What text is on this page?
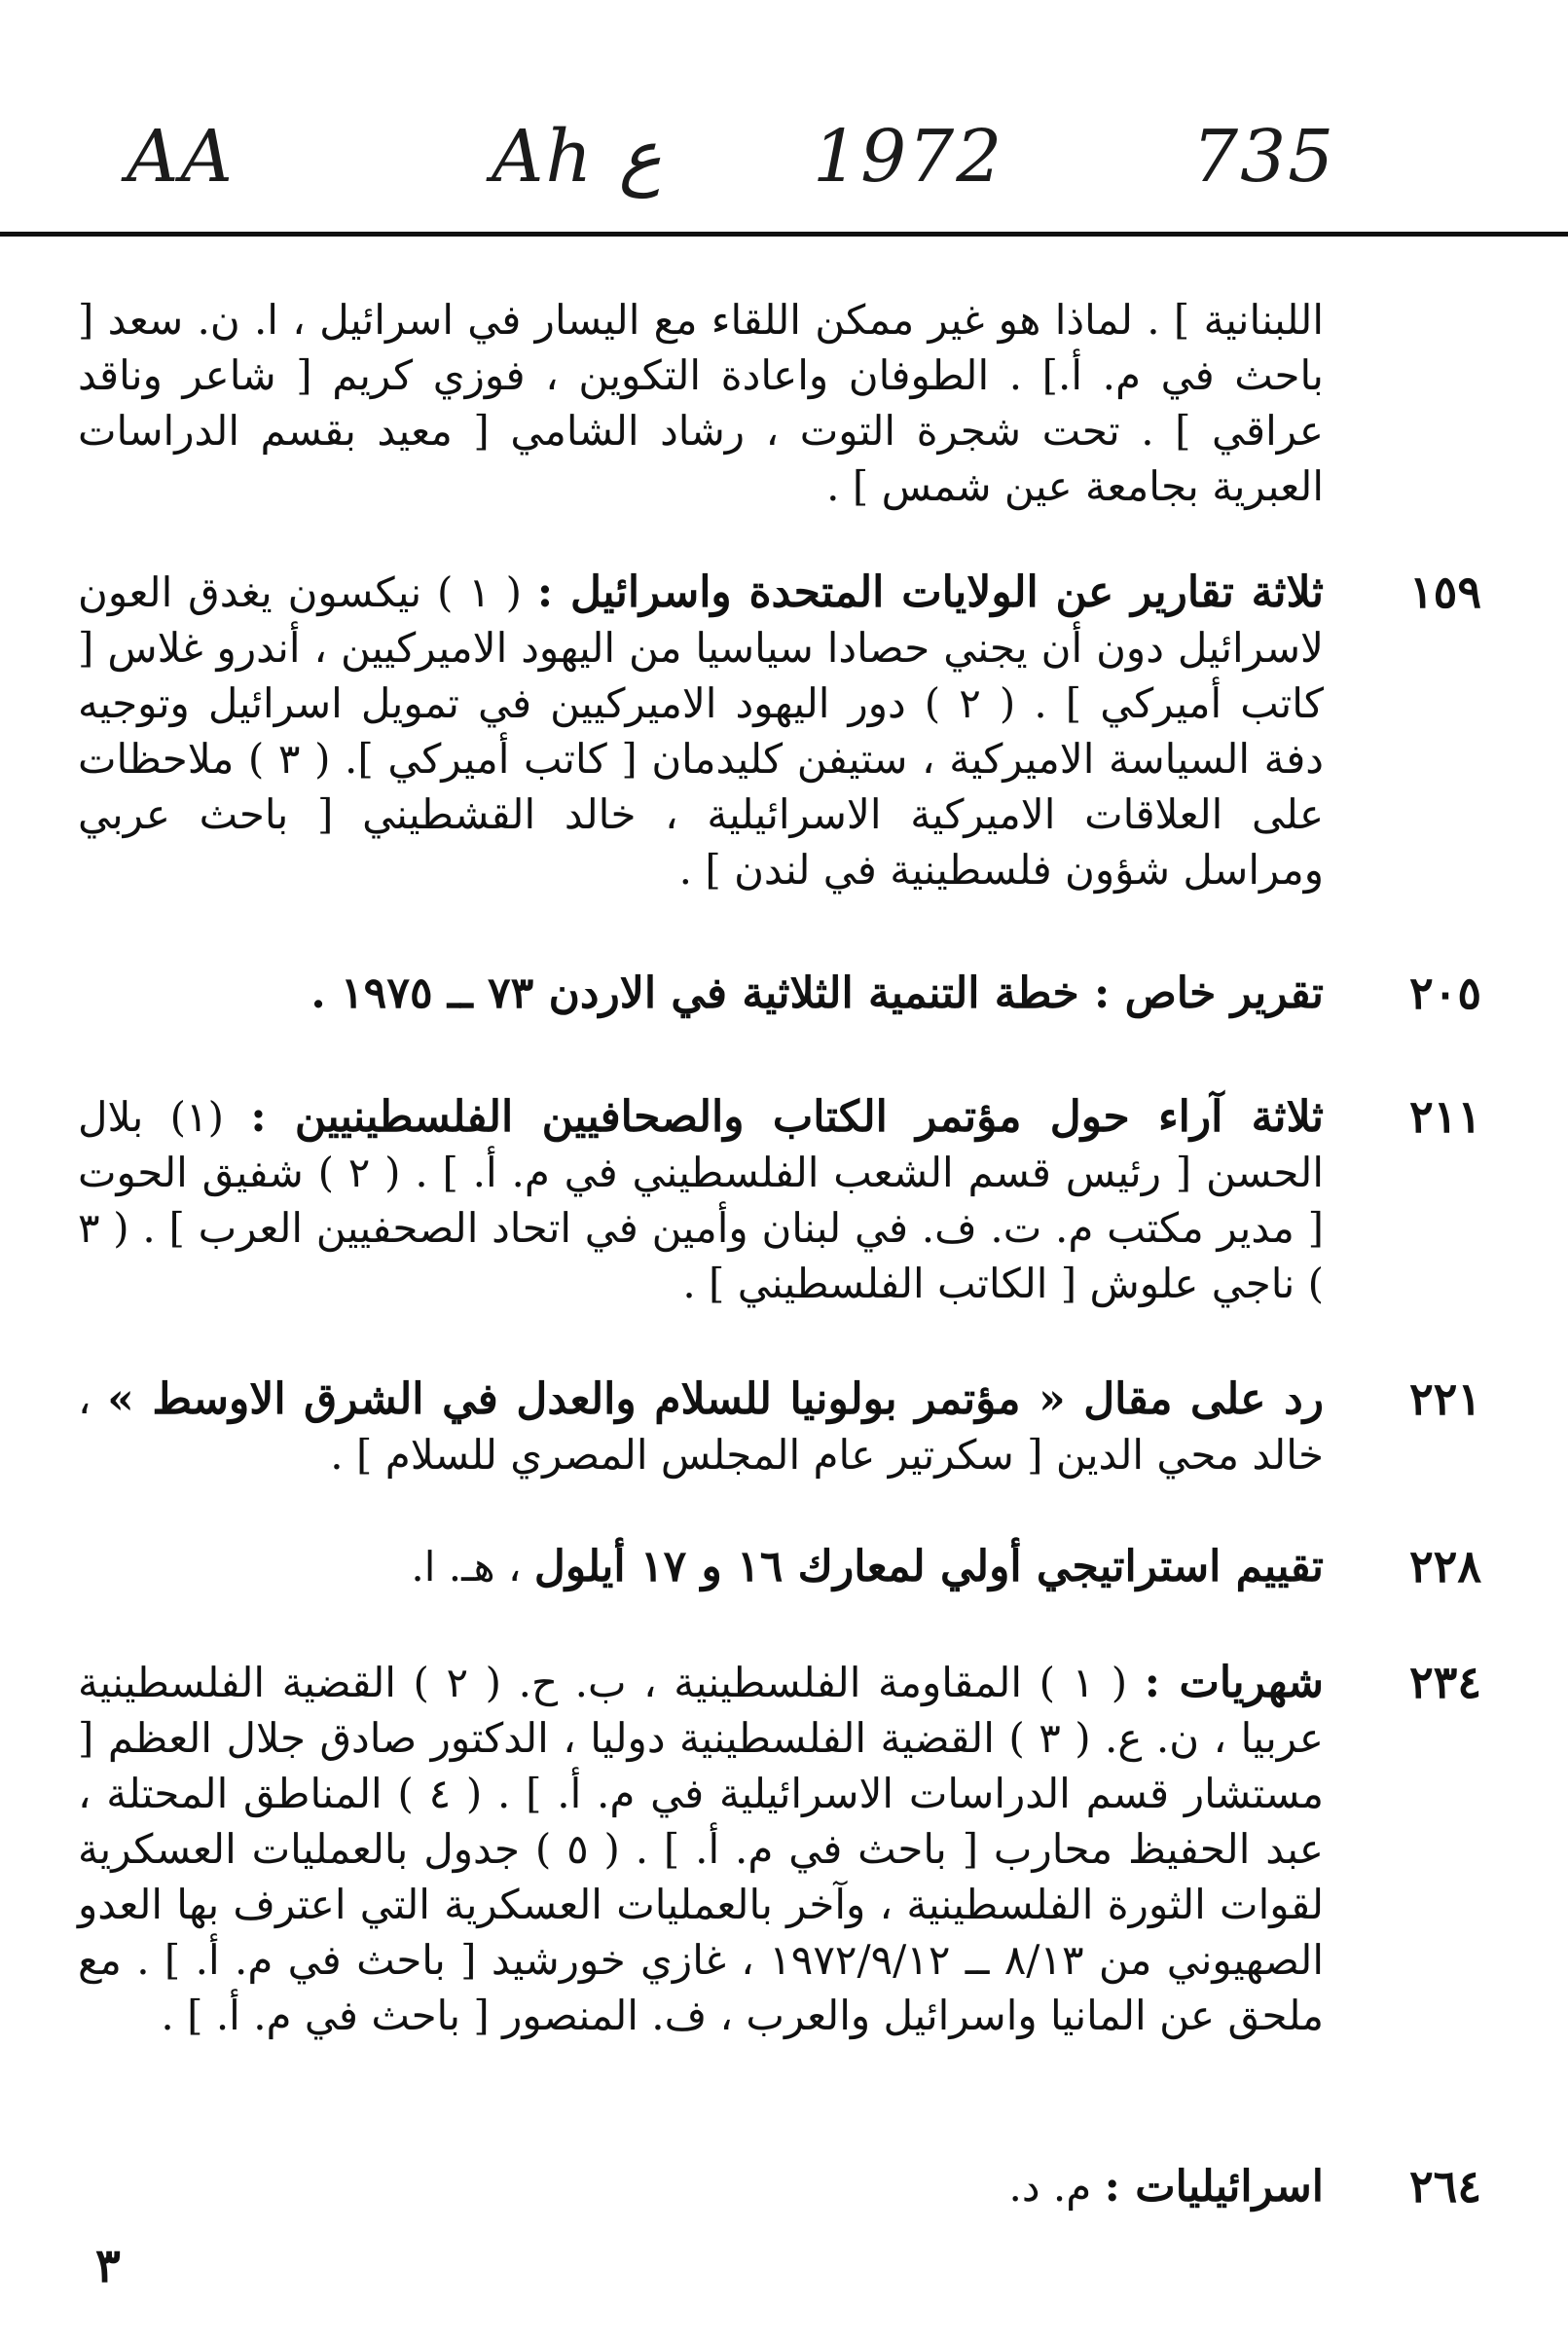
AA	Ah ع 1972	735
اللبنانية ] . لماذا هو غير ممكن اللقاء مع اليسار في اسرائيل ، ا. ن. سعد [ باحث في م. أ.] . الطوفان واعادة التكوين ، فوزي كريم [ شاعر وناقد عراقي ] . تحت شجرة التوت ، رشاد الشامي [ معيد بقسم الدراسات العبرية بجامعة عين شمس ] .
١٥٩
ثلاثة تقارير عن الولايات المتحدة واسرائيل : ( ١ ) نيكسون يغدق العون لاسرائيل دون أن يجني حصادا سياسيا من اليهود الاميركيين ، أندرو غلاس [ كاتب أميركي ] . ( ٢ ) دور اليهود الاميركيين في تمويل اسرائيل وتوجيه دفة السياسة الاميركية ، ستيفن كليدمان [ كاتب أميركي ]. ( ٣ ) ملاحظات على العلاقات الاميركية الاسرائيلية ، خالد القشطيني [ باحث عربي ومراسل شؤون فلسطينية في لندن ] .
٢٠٥
تقرير خاص : خطة التنمية الثلاثية في الاردن ٧٣ ــ ١٩٧٥ .
٢١١
ثلاثة آراء حول مؤتمر الكتاب والصحافيين الفلسطينيين : (١) بلال الحسن [ رئيس قسم الشعب الفلسطيني في م. أ. ] . ( ٢ ) شفيق الحوت [ مدير مكتب م. ت. ف. في لبنان وأمين في اتحاد الصحفيين العرب ] . ( ٣ ) ناجي علوش [ الكاتب الفلسطيني ] .
٢٢١
رد على مقال « مؤتمر بولونيا للسلام والعدل في الشرق الاوسط » ، خالد محي الدين [ سكرتير عام المجلس المصري للسلام ] .
٢٢٨
تقييم استراتيجي أولي لمعارك ١٦ و ١٧ أيلول ، هـ. ا.
٢٣٤
شهريات : ( ١ ) المقاومة الفلسطينية ، ب. ح. ( ٢ ) القضية الفلسطينية عربيا ، ن. ع. ( ٣ ) القضية الفلسطينية دوليا ، الدكتور صادق جلال العظم [ مستشار قسم الدراسات الاسرائيلية في م. أ. ] . ( ٤ ) المناطق المحتلة ، عبد الحفيظ محارب [ باحث في م. أ. ] . ( ٥ ) جدول بالعمليات العسكرية لقوات الثورة الفلسطينية ، وآخر بالعمليات العسكرية التي اعترف بها العدو الصهيوني من ٨/١٣ ــ ١٩٧٢/٩/١٢ ، غازي خورشيد [ باحث في م. أ. ] . مع ملحق عن المانيا واسرائيل والعرب ، ف. المنصور [ باحث في م. أ. ] .
٢٦٤
اسرائيليات : م. د.
٣
